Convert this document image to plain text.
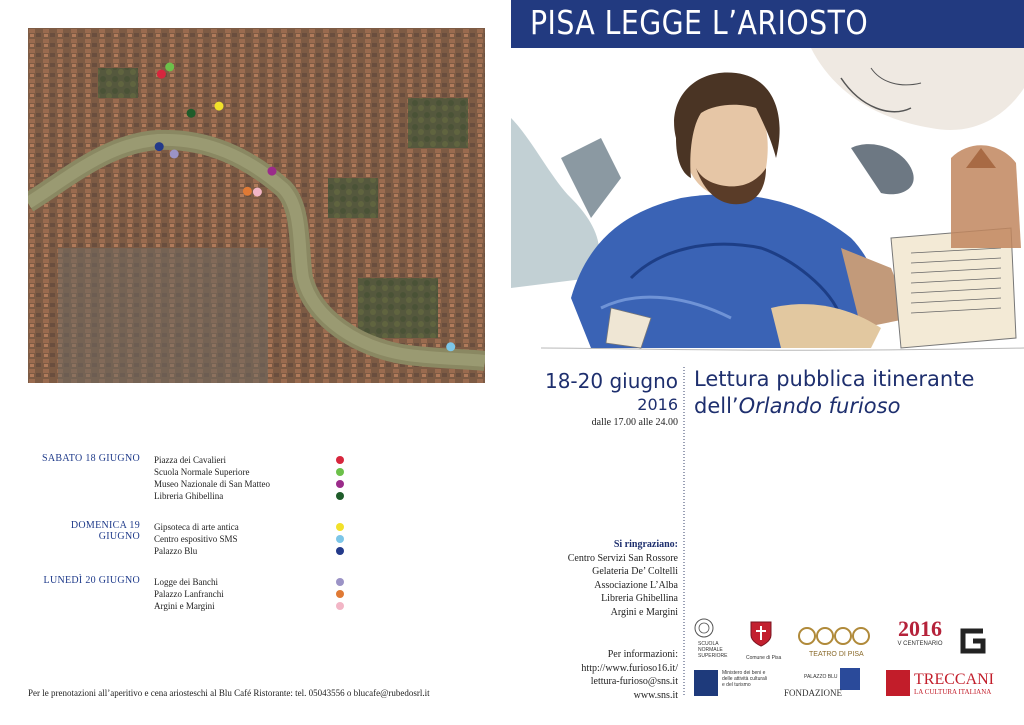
SABATO 18 GIUGNO Piazza dei Cavalieri
Scuola Normale Superiore
Museo Nazionale di San Matteo
Libreria Ghibellina
DOMENICA 19 GIUGNO
Gipsoteca di arte antica
Centro espositivo SMS
Palazzo Blu
LUNEDÌ 20 GIUGNO Logge dei Banchi
Palazzo Lanfranchi
Argini e Margini
Per le prenotazioni all’aperitivo e cena ariosteschi al Blu Café Ristorante: tel. 05043556 o blucafe@rubedosrl.it
PISA LEGGE L’ARIOSTO
18-20 giugno
2016
dalle 17.00 alle 24.00
Lettura pubblica itinerante
dell’Orlando furioso
Si ringraziano:
Centro Servizi San Rossore
Gelateria De’ Coltelli
Associazione L’Alba
Libreria Ghibellina
Argini e Margini
Per informazioni:
http://www.furioso16.it/
lettura-furioso@sns.it
www.sns.it
SCUOLA NORMALE SUPERIORE	Comune di Pisa	TEATRO DI PISA
2016
V CENTENARIO
Ministero dei beni e delle attività culturali e del turismo
PALAZZO BLU
FONDAZIONE
TRECCANI
LA CULTURA ITALIANA
